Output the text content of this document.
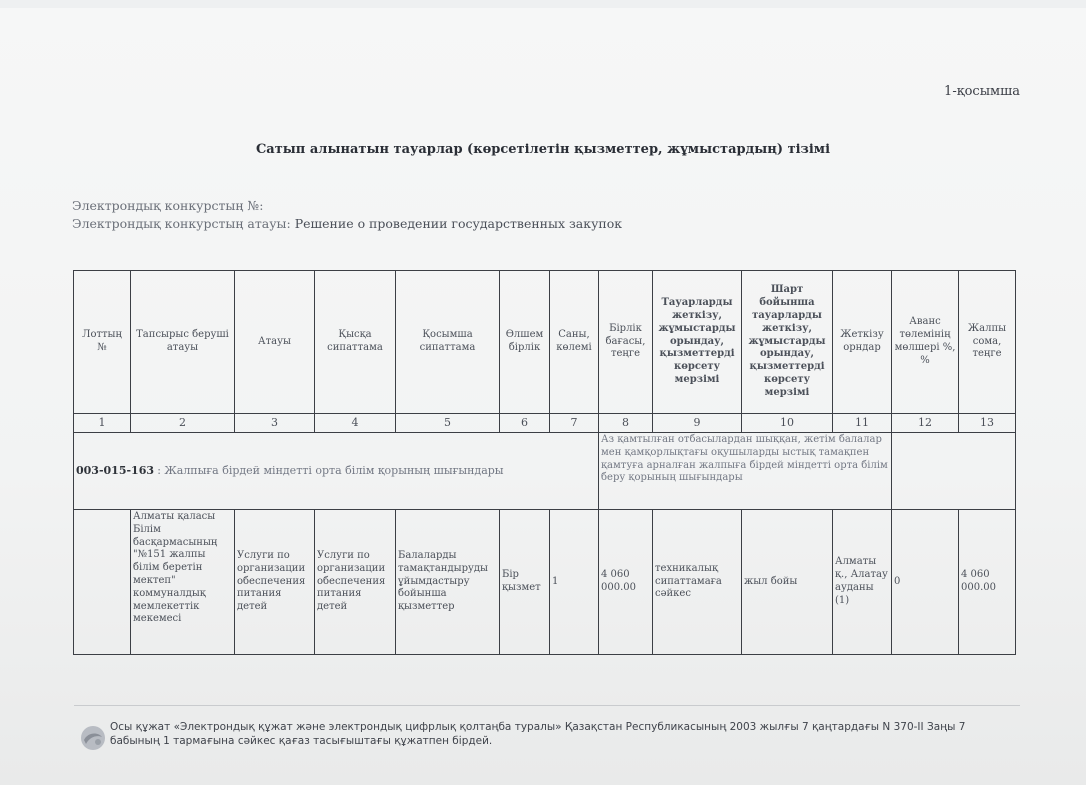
1-қосымша
Сатып алынатын тауарлар (көрсетілетін қызметтер, жұмыстардың) тізімі
Электрондық конкурстың №:
Электрондық конкурстың атауы: Решение о проведении государственных закупок
Лоттың №	Тапсырыс беруші атауы	Атауы	Қысқа сипаттама	Қосымша сипаттама	Өлшем бірлік	Саны, көлемі	Бірлік бағасы, теңге	Тауарларды жеткізу, жұмыстарды орындау, қызметтерді көрсету мерзімі	Шарт бойынша тауарларды жеткізу, жұмыстарды орындау, қызметтерді көрсету мерзімі	Жеткізу орндар	Аванс төлемінің мөлшері %, %	Жалпы сома, теңге
1	2	3	4	5	6	7	8	9	10	11	12	13
003-015-163 : Жалпыға бірдей міндетті орта білім қорының шығындары							Аз қамтылған отбасылардан шыққан, жетім балалар мен қамқорлықтағы оқушыларды ыстық тамақпен қамтуға арналған жалпыға бірдей міндетті орта білім беру қорының шығындары					
	Алматы қаласы Білім басқармасының "№151 жалпы білім беретін мектеп" коммуналдық мемлекеттік мекемесі	Услуги по организации обеспечения питания детей	Услуги по организации обеспечения питания детей	Балаларды тамақтандыруды ұйымдастыру бойынша қызметтер	Бір қызмет	1	4 060 000.00	техникалық сипаттамаға сәйкес	жыл бойы	Алматы қ., Алатау ауданы (1)	0	4 060 000.00
Осы құжат «Электрондық құжат және электрондық цифрлық қолтаңба туралы» Қазақстан Республикасының 2003 жылғы 7 қаңтардағы N 370-II Заңы 7 бабының 1 тармағына сәйкес қағаз тасығыштағы құжатпен бірдей.
